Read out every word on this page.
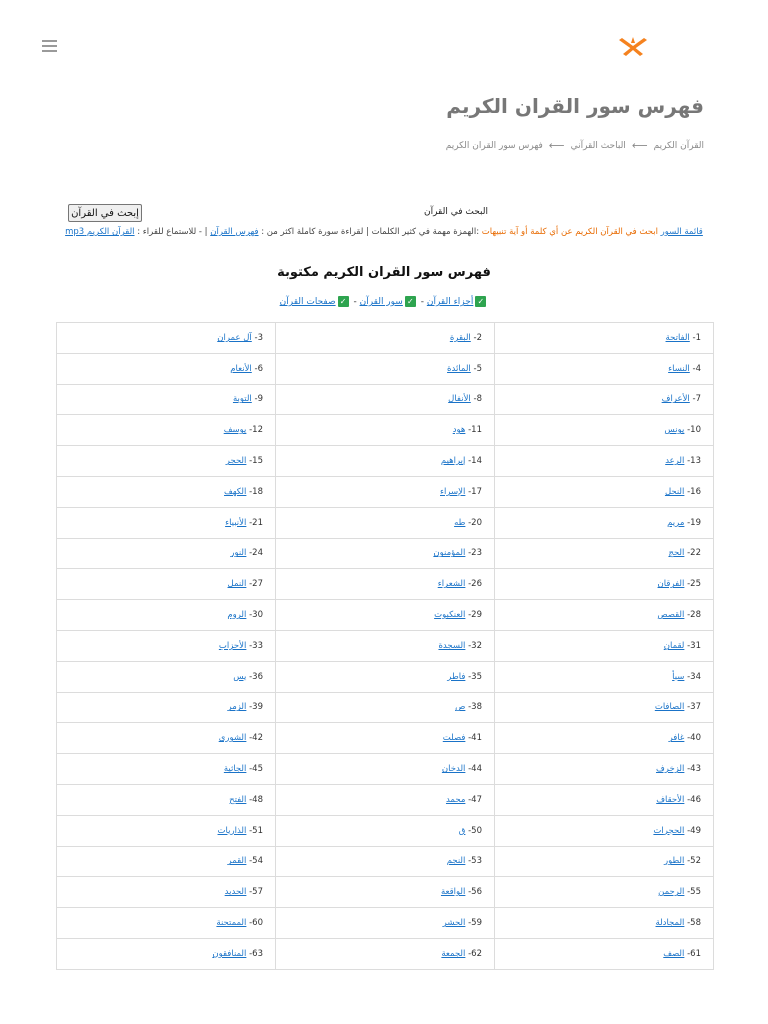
فهرس سور القران الكريم
القرآن الكريم
⟵
الباحث القرآني
⟵
فهرس سور القران الكريم
إبحث في القرآن	البحث في القرآن
قائمة السور ابحث في القرآن الكريم عن أي كلمة أو آية تنبيهات :الهمزة مهمة في كثير الكلمات | لقراءة سورة كاملة اكثر من : فهرس القرآن | - للاستماع للقراء : القرآن الكريم mp3
فهرس سور القران الكريم مكتوبة
✓أجزاء القرآن - ✓سور القرآن - ✓صفحات القرآن
1- الفاتحة	2- البقرة	3- آل عمران
4- النساء	5- المائدة	6- الأنعام
7- الأعراف	8- الأنفال	9- التوبة
10- يونس	11- هود	12- يوسف
13- الرعد	14- إبراهيم	15- الحجر
16- النحل	17- الإسراء	18- الكهف
19- مريم	20- طه	21- الأنبياء
22- الحج	23- المؤمنون	24- النور
25- الفرقان	26- الشعراء	27- النمل
28- القصص	29- العنكبوت	30- الروم
31- لقمان	32- السجدة	33- الأحزاب
34- سبأ	35- فاطر	36- يس
37- الصافات	38- ص	39- الزمر
40- غافر	41- فصلت	42- الشورى
43- الزخرف	44- الدخان	45- الجاثية
46- الأحقاف	47- محمد	48- الفتح
49- الحجرات	50- ق	51- الذاريات
52- الطور	53- النجم	54- القمر
55- الرحمن	56- الواقعة	57- الحديد
58- المجادلة	59- الحشر	60- الممتحنة
61- الصف	62- الجمعة	63- المنافقون
